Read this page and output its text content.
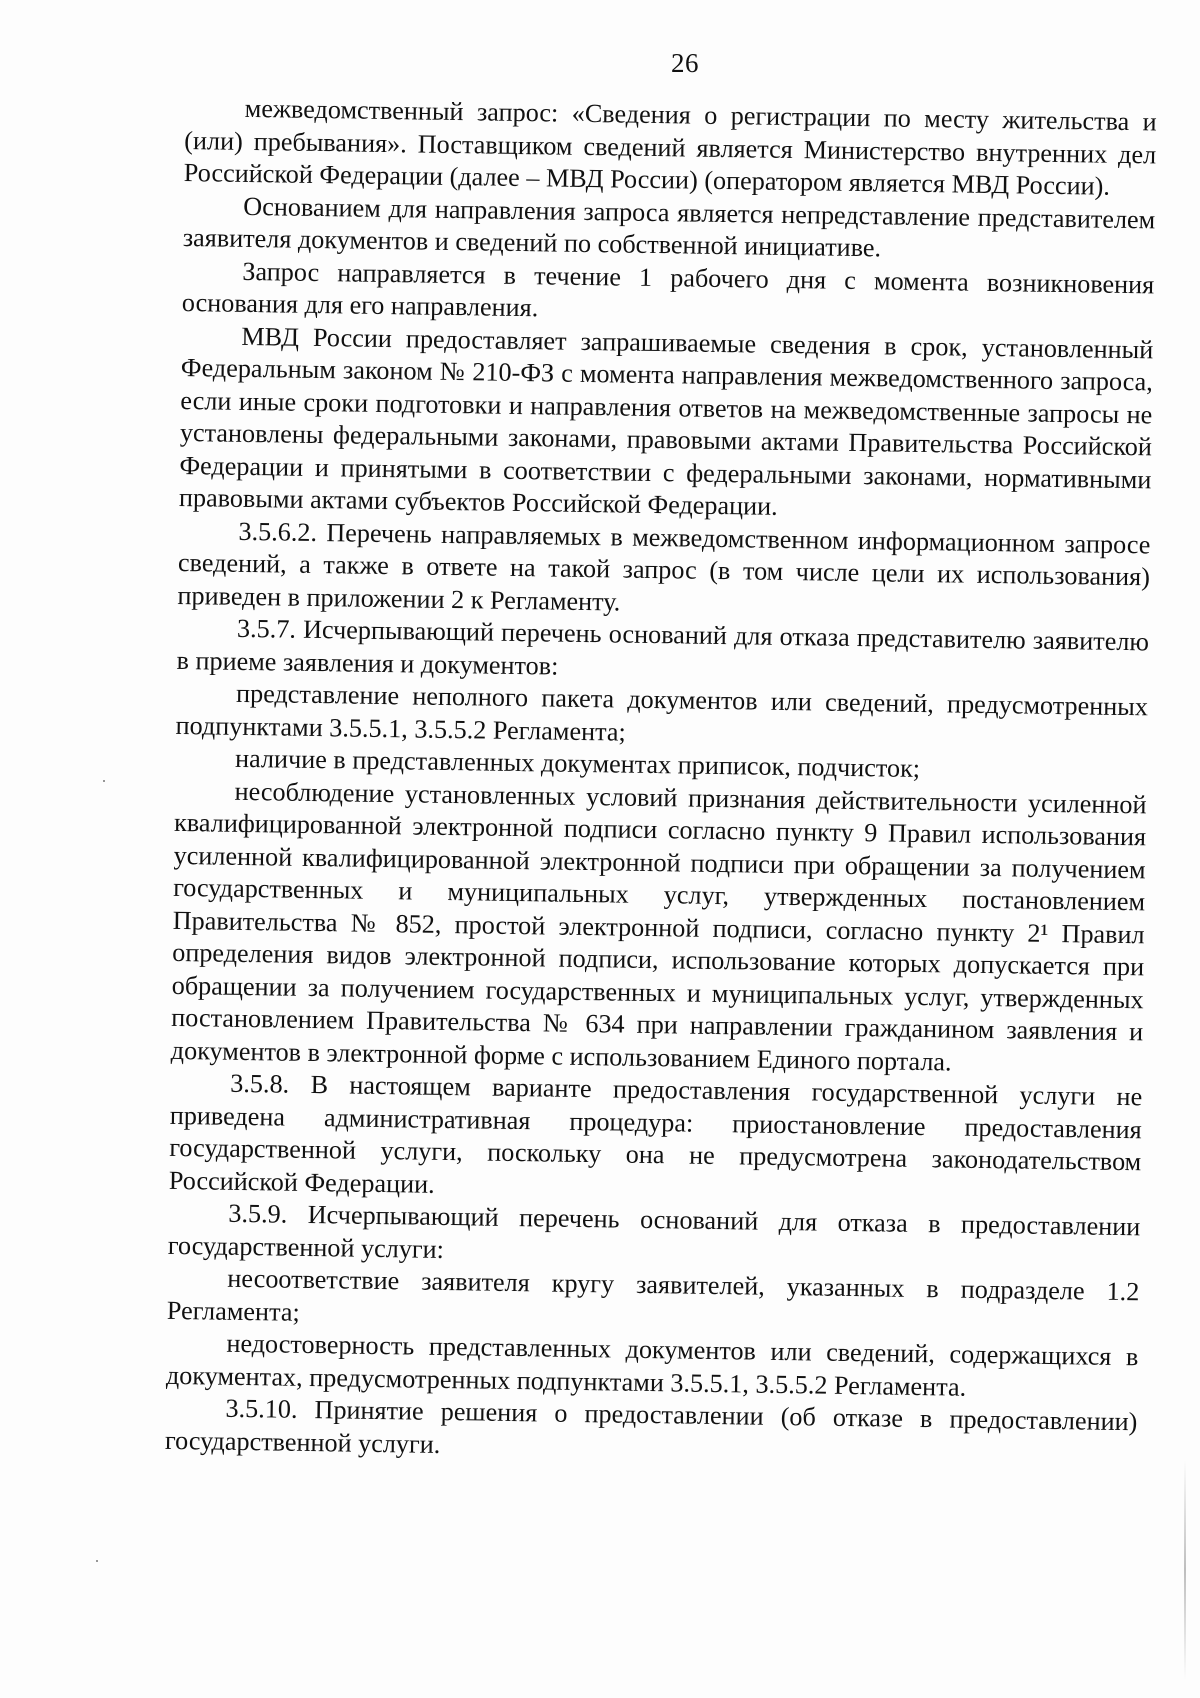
26

межведомственный запрос: «Сведения о регистрации по месту жительства и (или) пребывания». Поставщиком сведений является Министерство внутренних дел Российской Федерации (далее – МВД России) (оператором является МВД России).

Основанием для направления запроса является непредставление представителем заявителя документов и сведений по собственной инициативе.

Запрос направляется в течение 1 рабочего дня с момента возникновения основания для его направления.

МВД России предоставляет запрашиваемые сведения в срок, установленный Федеральным законом № 210-ФЗ с момента направления межведомственного запроса, если иные сроки подготовки и направления ответов на межведомственные запросы не установлены федеральными законами, правовыми актами Правительства Российской Федерации и принятыми в соответствии с федеральными законами, нормативными правовыми актами субъектов Российской Федерации.

3.5.6.2. Перечень направляемых в межведомственном информационном запросе сведений, а также в ответе на такой запрос (в том числе цели их использования) приведен в приложении 2 к Регламенту.

3.5.7. Исчерпывающий перечень оснований для отказа представителю заявителю в приеме заявления и документов:

представление неполного пакета документов или сведений, предусмотренных подпунктами 3.5.5.1, 3.5.5.2 Регламента;

наличие в представленных документах приписок, подчисток;

несоблюдение установленных условий признания действительности усиленной квалифицированной электронной подписи согласно пункту 9 Правил использования усиленной квалифицированной электронной подписи при обращении за получением государственных и муниципальных услуг, утвержденных постановлением Правительства № 852, простой электронной подписи, согласно пункту 2¹ Правил определения видов электронной подписи, использование которых допускается при обращении за получением государственных и муниципальных услуг, утвержденных постановлением Правительства № 634 при направлении гражданином заявления и документов в электронной форме с использованием Единого портала.

3.5.8. В настоящем варианте предоставления государственной услуги не приведена административная процедура: приостановление предоставления государственной услуги, поскольку она не предусмотрена законодательством Российской Федерации.

3.5.9. Исчерпывающий перечень оснований для отказа в предоставлении государственной услуги:

несоответствие заявителя кругу заявителей, указанных в подразделе 1.2 Регламента;

недостоверность представленных документов или сведений, содержащихся в документах, предусмотренных подпунктами 3.5.5.1, 3.5.5.2 Регламента.

3.5.10. Принятие решения о предоставлении (об отказе в предоставлении) государственной услуги.
